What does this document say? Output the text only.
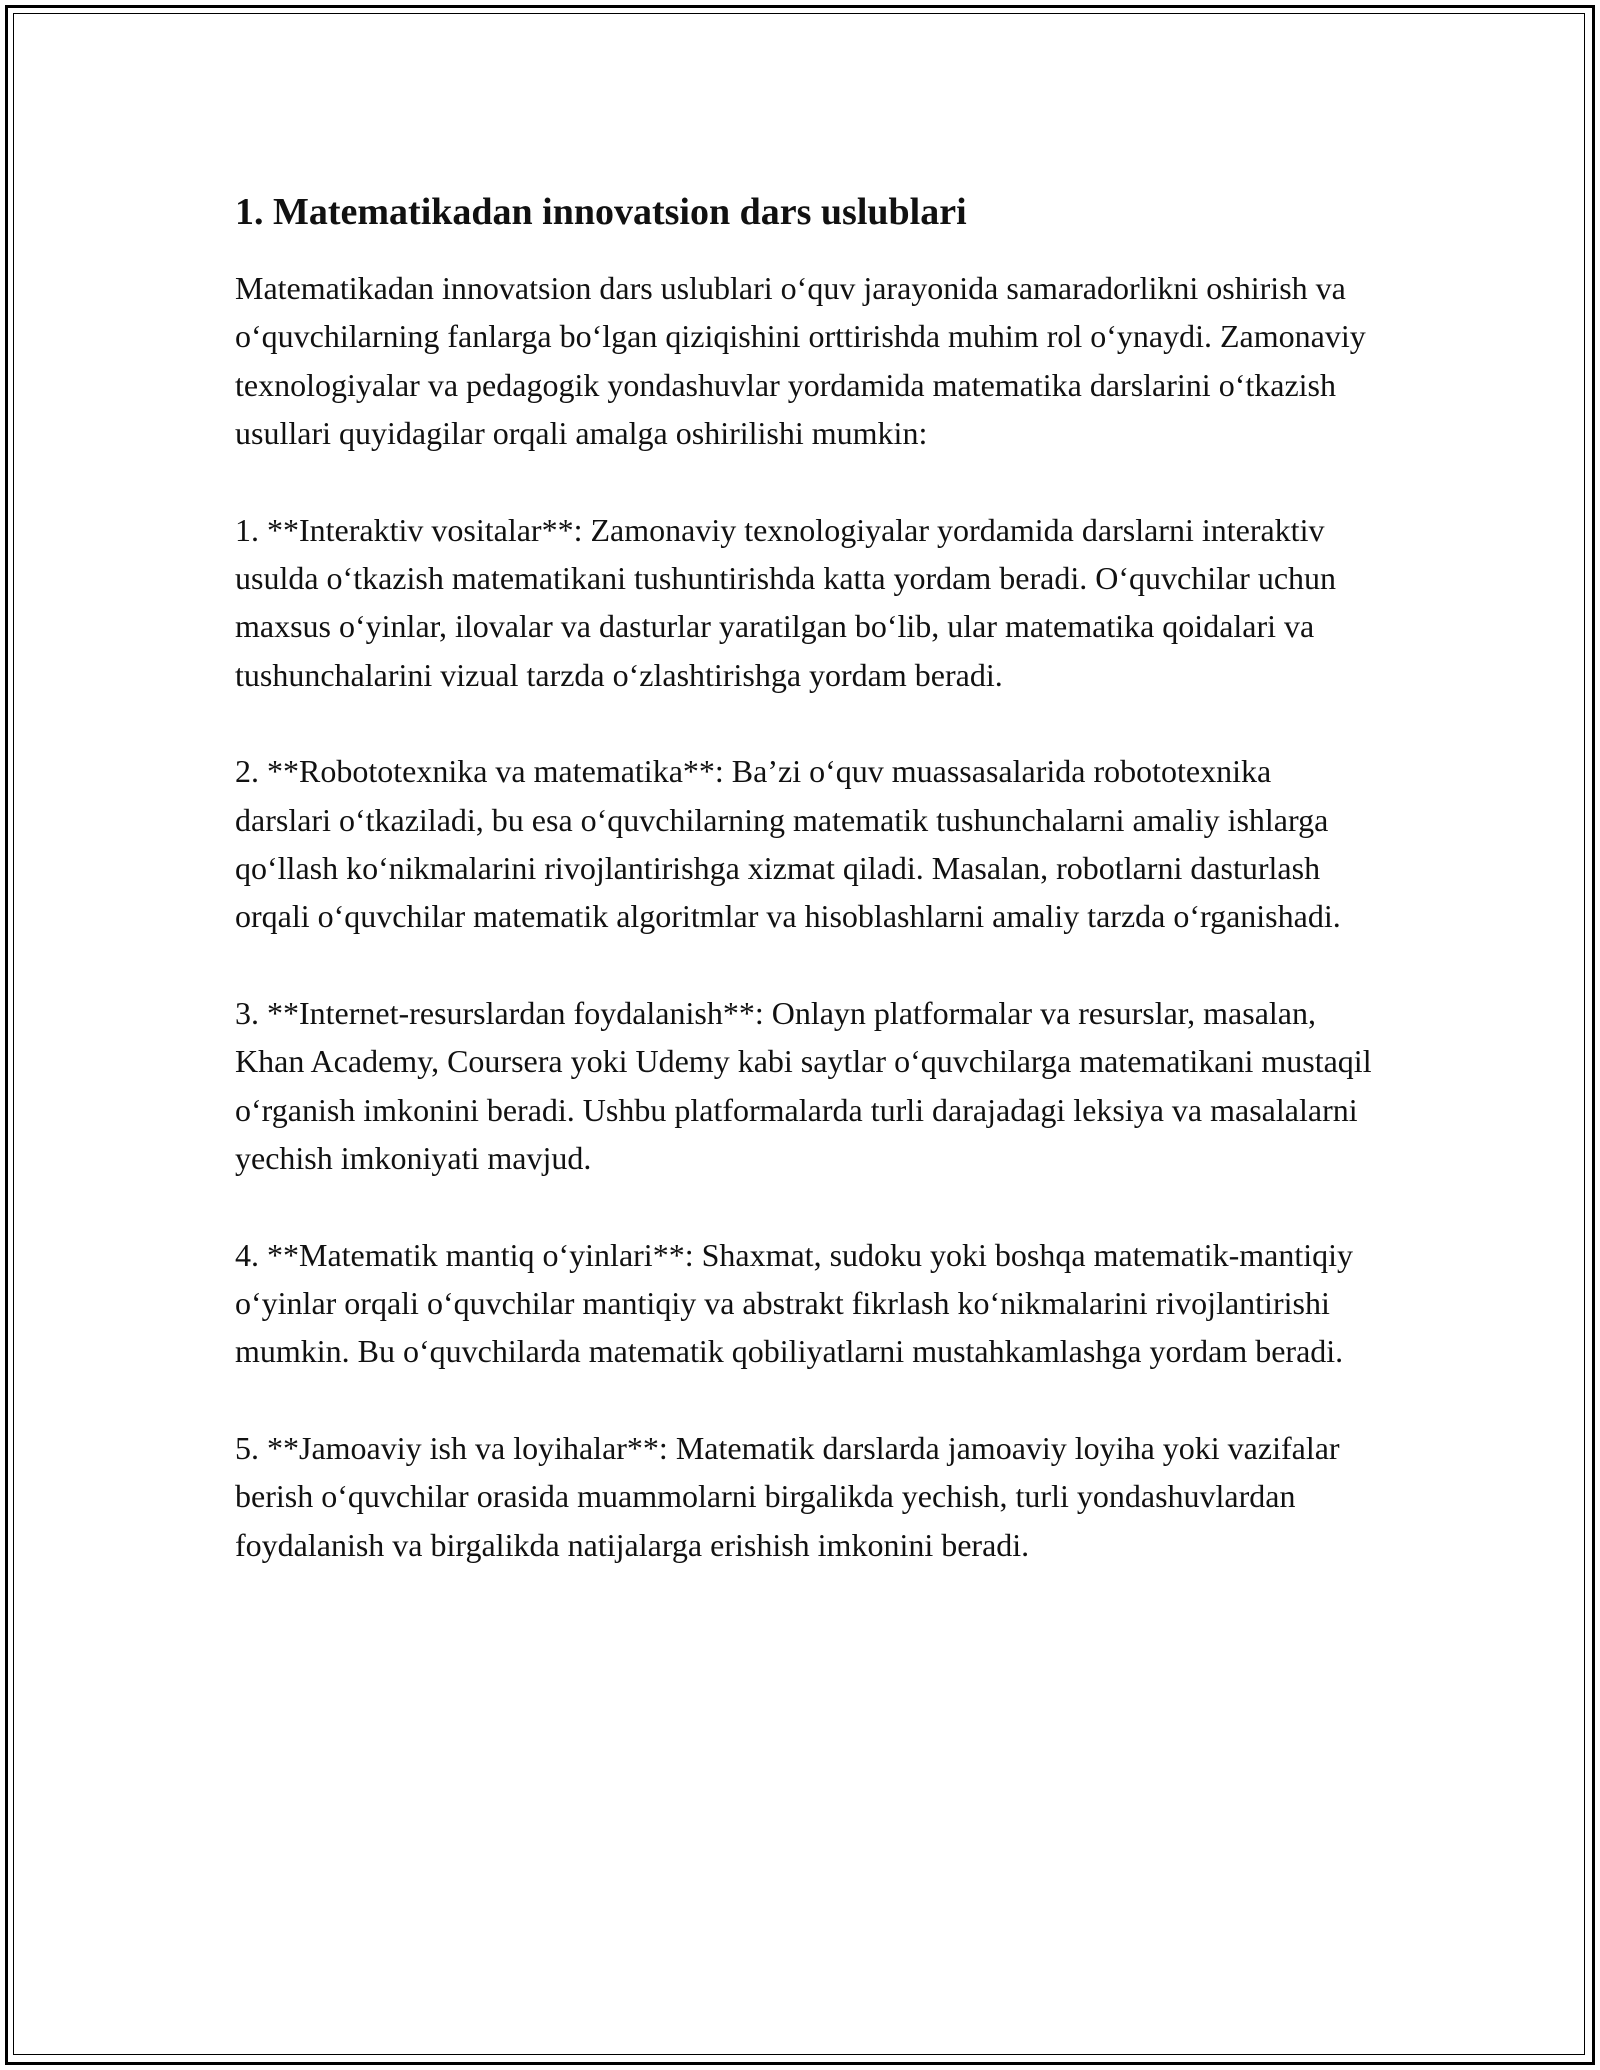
1. Matematikadan innovatsion dars uslublari

Matematikadan innovatsion dars uslublari o‘quv jarayonida samaradorlikni oshirish va o‘quvchilarning fanlarga bo‘lgan qiziqishini orttirishda muhim rol o‘ynaydi. Zamonaviy texnologiyalar va pedagogik yondashuvlar yordamida matematika darslarini o‘tkazish usullari quyidagilar orqali amalga oshirilishi mumkin:

1. **Interaktiv vositalar**: Zamonaviy texnologiyalar yordamida darslarni interaktiv usulda o‘tkazish matematikani tushuntirishda katta yordam beradi. O‘quvchilar uchun maxsus o‘yinlar, ilovalar va dasturlar yaratilgan bo‘lib, ular matematika qoidalari va tushunchalarini vizual tarzda o‘zlashtirishga yordam beradi.

2. **Robototexnika va matematika**: Ba’zi o‘quv muassasalarida robototexnika darslari o‘tkaziladi, bu esa o‘quvchilarning matematik tushunchalarni amaliy ishlarga qo‘llash ko‘nikmalarini rivojlantirishga xizmat qiladi. Masalan, robotlarni dasturlash orqali o‘quvchilar matematik algoritmlar va hisoblashlarni amaliy tarzda o‘rganishadi.

3. **Internet-resurslardan foydalanish**: Onlayn platformalar va resurslar, masalan, Khan Academy, Coursera yoki Udemy kabi saytlar o‘quvchilarga matematikani mustaqil o‘rganish imkonini beradi. Ushbu platformalarda turli darajadagi leksiya va masalalarni yechish imkoniyati mavjud.

4. **Matematik mantiq o‘yinlari**: Shaxmat, sudoku yoki boshqa matematik-mantiqiy o‘yinlar orqali o‘quvchilar mantiqiy va abstrakt fikrlash ko‘nikmalarini rivojlantirishi mumkin. Bu o‘quvchilarda matematik qobiliyatlarni mustahkamlashga yordam beradi.

5. **Jamoaviy ish va loyihalar**: Matematik darslarda jamoaviy loyiha yoki vazifalar berish o‘quvchilar orasida muammolarni birgalikda yechish, turli yondashuvlardan foydalanish va birgalikda natijalarga erishish imkonini beradi.
